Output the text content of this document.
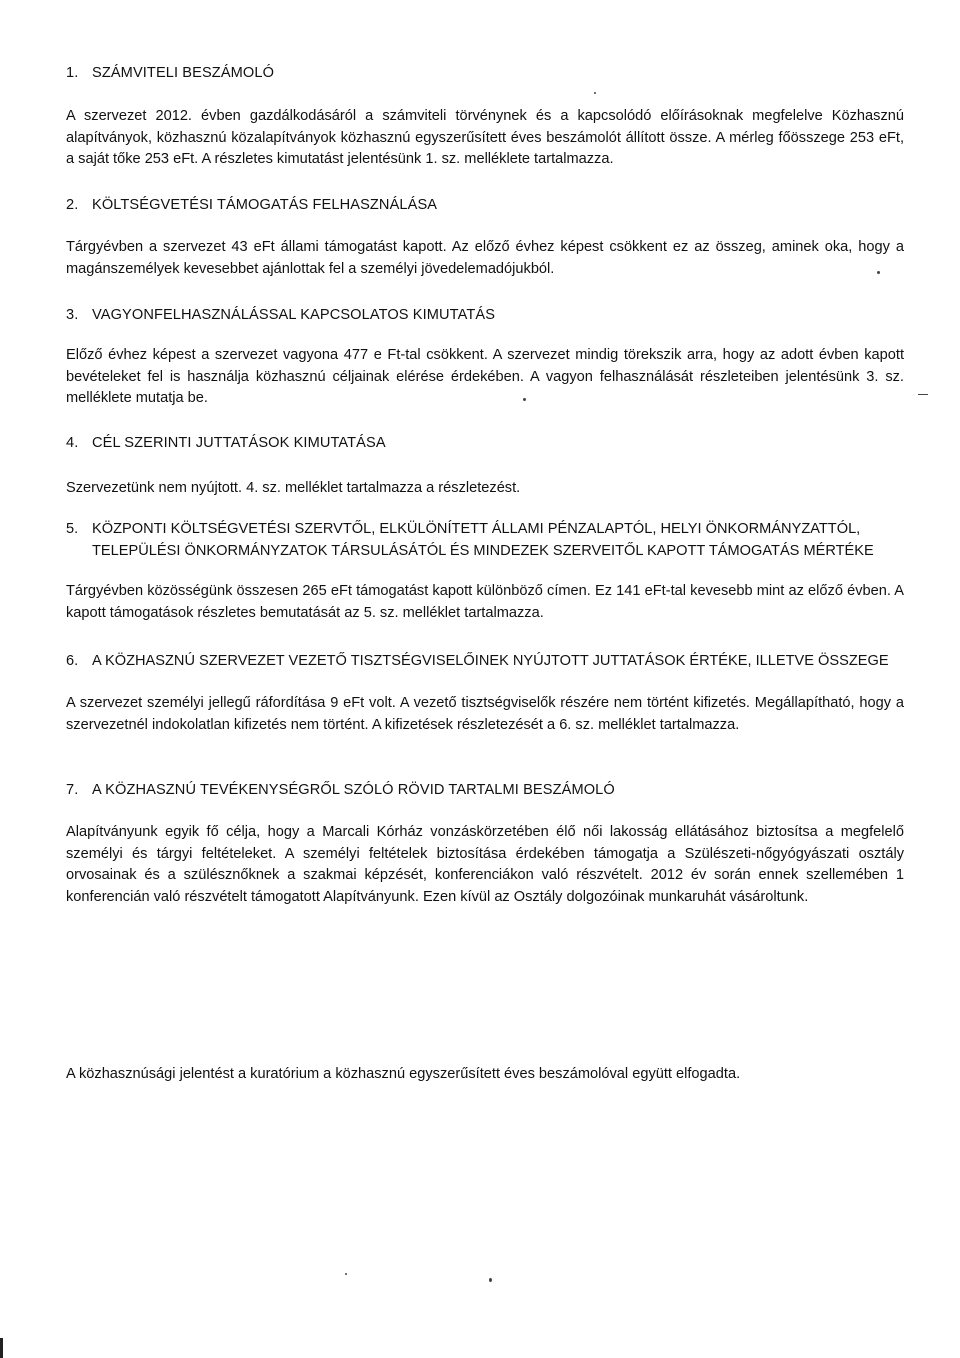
1. SZÁMVITELI BESZÁMOLÓ

A szervezet 2012. évben gazdálkodásáról a számviteli törvénynek és a kapcsolódó előírásoknak megfelelve Közhasznú alapítványok, közhasznú közalapítványok közhasznú egyszerűsített éves beszámolót állított össze. A mérleg főösszege 253 eFt, a saját tőke 253 eFt. A részletes kimutatást jelentésünk 1. sz. melléklete tartalmazza.

2. KÖLTSÉGVETÉSI TÁMOGATÁS FELHASZNÁLÁSA

Tárgyévben a szervezet 43 eFt állami támogatást kapott. Az előző évhez képest csökkent ez az összeg, aminek oka, hogy a magánszemélyek kevesebbet ajánlottak fel a személyi jövedelemadójukból.

3. VAGYONFELHASZNÁLÁSSAL KAPCSOLATOS KIMUTATÁS

Előző évhez képest a szervezet vagyona 477 e Ft-tal csökkent. A szervezet mindig törekszik arra, hogy az adott évben kapott bevételeket fel is használja közhasznú céljainak elérése érdekében. A vagyon felhasználását részleteiben jelentésünk 3. sz. melléklete mutatja be.

4. CÉL SZERINTI JUTTATÁSOK KIMUTATÁSA

Szervezetünk nem nyújtott. 4. sz. melléklet tartalmazza a részletezést.

5. KÖZPONTI KÖLTSÉGVETÉSI SZERVTŐL, ELKÜLÖNÍTETT ÁLLAMI PÉNZALAPTÓL, HELYI ÖNKORMÁNYZATTÓL,
TELEPÜLÉSI ÖNKORMÁNYZATOK TÁRSULÁSÁTÓL ÉS MINDEZEK SZERVEITŐL KAPOTT TÁMOGATÁS MÉRTÉKE

Tárgyévben közösségünk összesen 265 eFt támogatást kapott különböző címen. Ez 141 eFt-tal kevesebb mint az előző évben. A kapott támogatások részletes bemutatását az 5. sz. melléklet tartalmazza.

6. A KÖZHASZNÚ SZERVEZET VEZETŐ TISZTSÉGVISELŐINEK NYÚJTOTT JUTTATÁSOK ÉRTÉKE, ILLETVE ÖSSZEGE

A szervezet személyi jellegű ráfordítása 9 eFt volt. A vezető tisztségviselők részére nem történt kifizetés. Megállapítható, hogy a szervezetnél indokolatlan kifizetés nem történt. A kifizetések részletezését a 6. sz. melléklet tartalmazza.

7. A KÖZHASZNÚ TEVÉKENYSÉGRŐL SZÓLÓ RÖVID TARTALMI BESZÁMOLÓ

Alapítványunk egyik fő célja, hogy a Marcali Kórház vonzáskörzetében élő női lakosság ellátásához biztosítsa a megfelelő személyi és tárgyi feltételeket. A személyi feltételek biztosítása érdekében támogatja a Szülészeti-nőgyógyászati osztály orvosainak és a szülésznőknek a szakmai képzését, konferenciákon való részvételt. 2012 év során ennek szellemében 1 konferencián való részvételt támogatott Alapítványunk. Ezen kívül az Osztály dolgozóinak munkaruhát vásároltunk.

A közhasznúsági jelentést a kuratórium a közhasznú egyszerűsített éves beszámolóval együtt elfogadta.
